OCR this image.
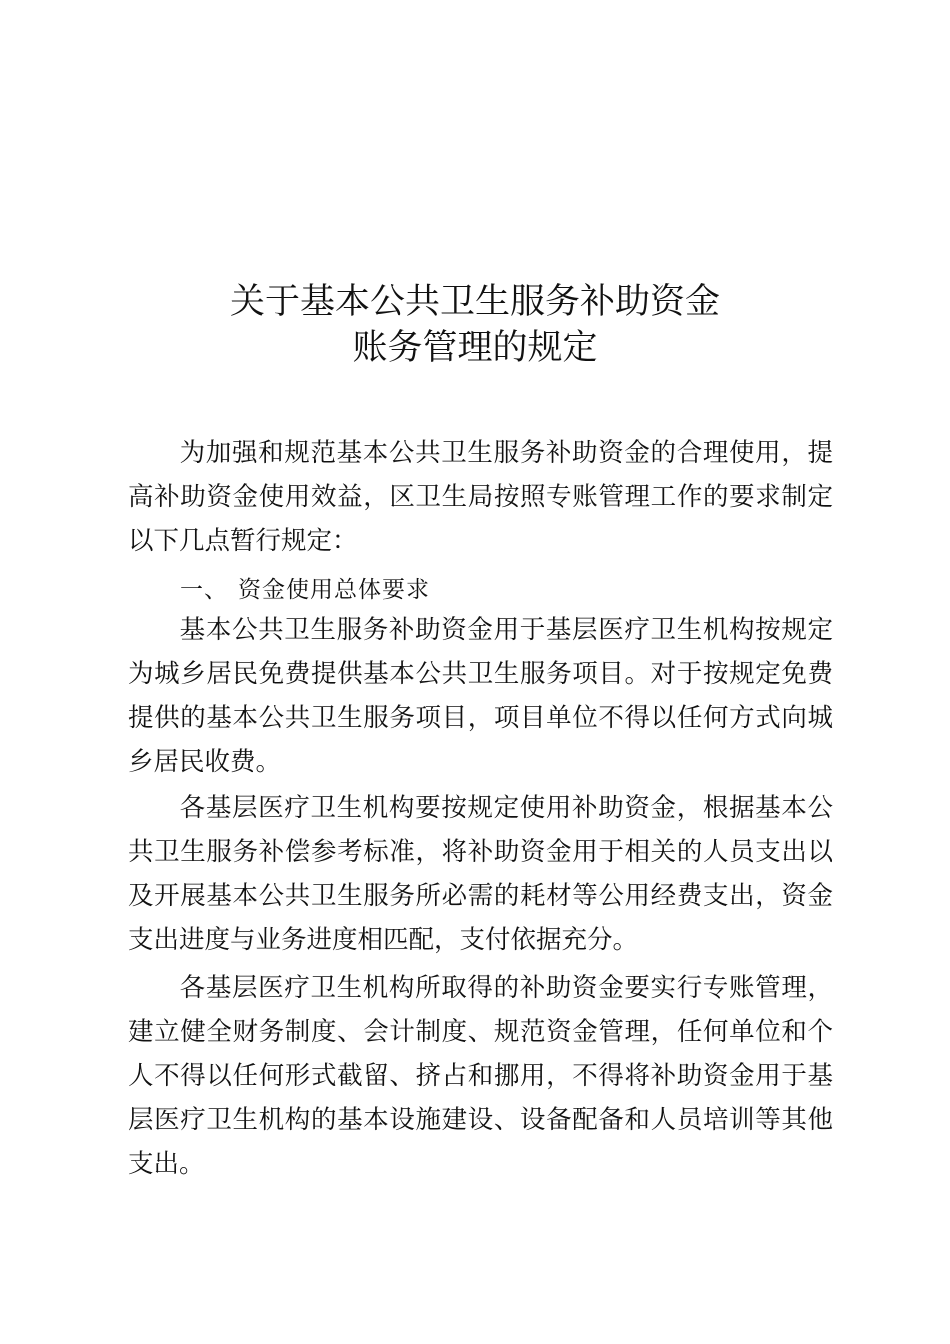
关于基本公共卫生服务补助资金
账务管理的规定
为加强和规范基本公共卫生服务补助资金的合理使用，提高补助资金使用效益，区卫生局按照专账管理工作的要求制定以下几点暂行规定：
一、 资金使用总体要求
基本公共卫生服务补助资金用于基层医疗卫生机构按规定为城乡居民免费提供基本公共卫生服务项目。对于按规定免费提供的基本公共卫生服务项目，项目单位不得以任何方式向城乡居民收费。
各基层医疗卫生机构要按规定使用补助资金，根据基本公共卫生服务补偿参考标准，将补助资金用于相关的人员支出以及开展基本公共卫生服务所必需的耗材等公用经费支出，资金支出进度与业务进度相匹配，支付依据充分。
各基层医疗卫生机构所取得的补助资金要实行专账管理，建立健全财务制度、会计制度、规范资金管理，任何单位和个人不得以任何形式截留、挤占和挪用，不得将补助资金用于基层医疗卫生机构的基本设施建设、设备配备和人员培训等其他支出。
